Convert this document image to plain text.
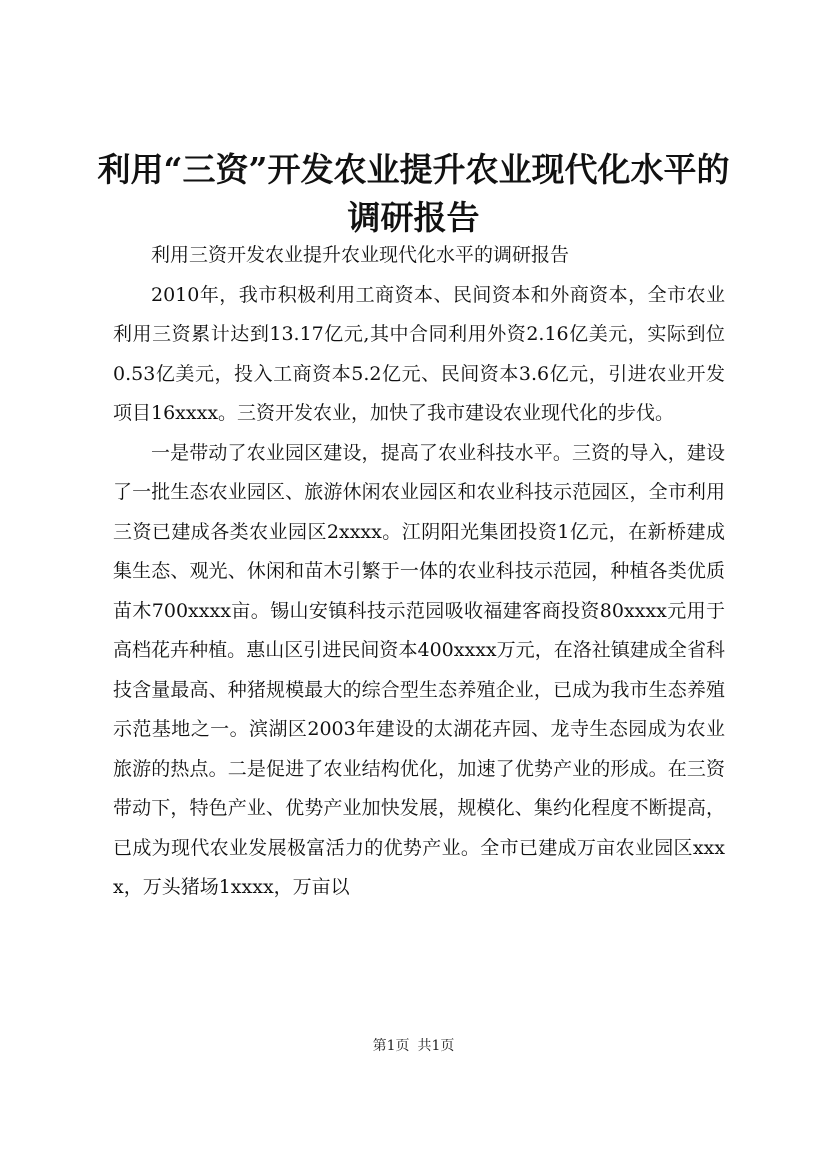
利用“三资”开发农业提升农业现代化水平的调研报告

利用三资开发农业提升农业现代化水平的调研报告

2010年，我市积极利用工商资本、民间资本和外商资本，全市农业利用三资累计达到13.17亿元,其中合同利用外资2.16亿美元，实际到位0.53亿美元，投入工商资本5.2亿元、民间资本3.6亿元，引进农业开发项目16xxxx。三资开发农业，加快了我市建设农业现代化的步伐。

一是带动了农业园区建设，提高了农业科技水平。三资的导入，建设了一批生态农业园区、旅游休闲农业园区和农业科技示范园区，全市利用三资已建成各类农业园区2xxxx。江阴阳光集团投资1亿元，在新桥建成集生态、观光、休闲和苗木引繁于一体的农业科技示范园，种植各类优质苗木700xxxx亩。锡山安镇科技示范园吸收福建客商投资80xxxx元用于高档花卉种植。惠山区引进民间资本400xxxx万元，在洛社镇建成全省科技含量最高、种猪规模最大的综合型生态养殖企业，已成为我市生态养殖示范基地之一。滨湖区2003年建设的太湖花卉园、龙寺生态园成为农业旅游的热点。二是促进了农业结构优化，加速了优势产业的形成。在三资带动下，特色产业、优势产业加快发展，规模化、集约化程度不断提高，已成为现代农业发展极富活力的优势产业。全市已建成万亩农业园区xxxx，万头猪场1xxxx，万亩以

第1页 共1页
